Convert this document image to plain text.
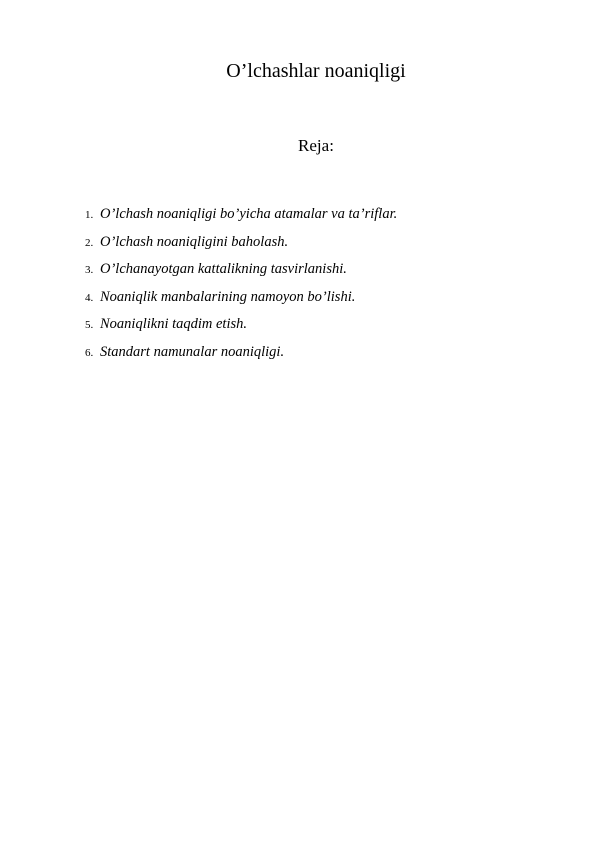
O’lchashlar noaniqligi
Reja:
1. O’lchash noaniqligi bo’yicha atamalar va ta’riflar.
2. O’lchash noaniqligini baholash.
3. O’lchanayotgan kattalikning tasvirlanishi.
4. Noaniqlik manbalarining namoyon bo’lishi.
5. Noaniqlikni taqdim etish.
6. Standart namunalar noaniqligi.
